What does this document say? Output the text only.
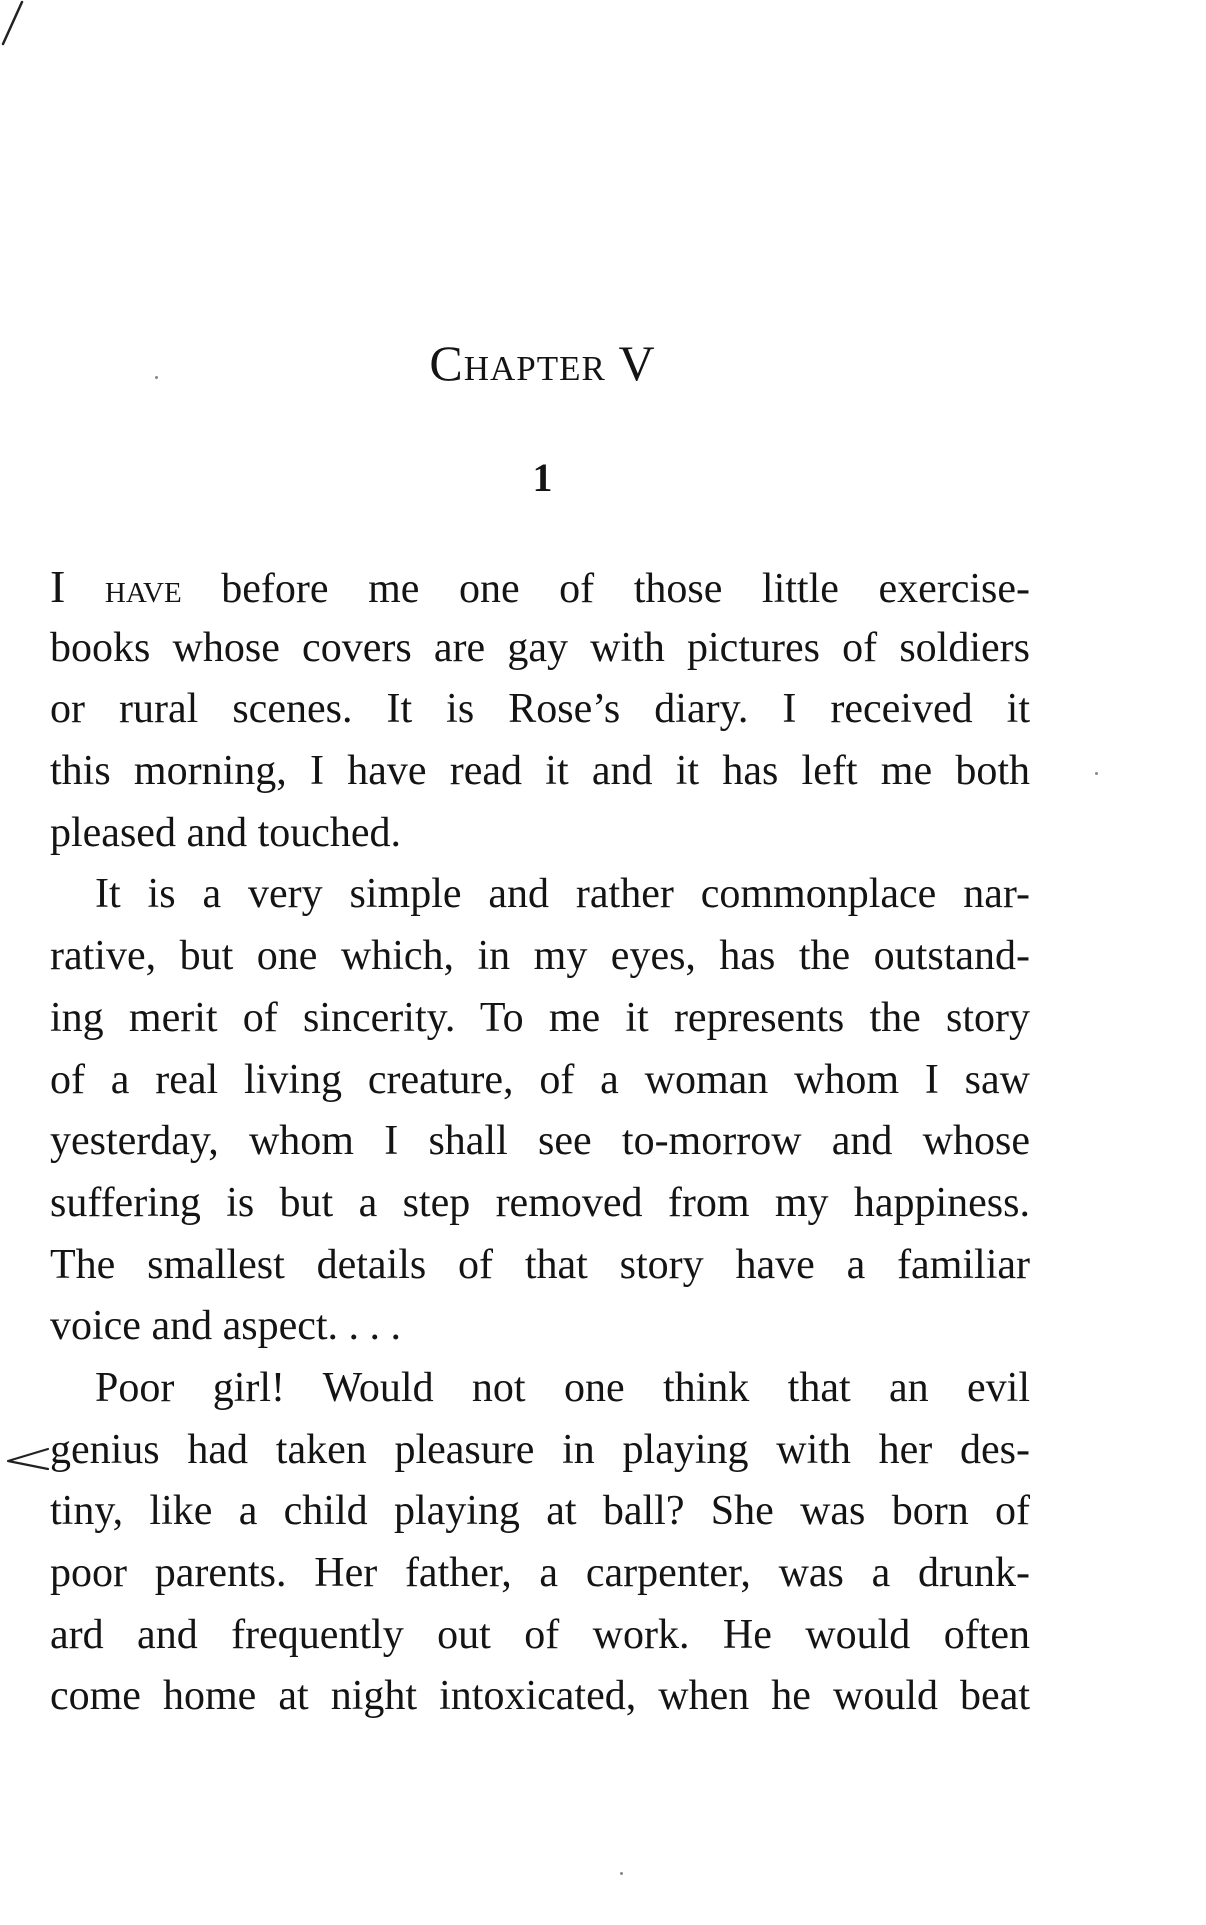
Chapter V
1
I have before me one of those little exercise-
books whose covers are gay with pictures of soldiers
or rural scenes. It is Rose’s diary. I received it
this morning, I have read it and it has left me both
pleased and touched.
It is a very simple and rather commonplace nar-
rative, but one which, in my eyes, has the outstand-
ing merit of sincerity. To me it represents the story
of a real living creature, of a woman whom I saw
yesterday, whom I shall see to-morrow and whose
suffering is but a step removed from my happiness.
The smallest details of that story have a familiar
voice and aspect. . . .
Poor girl! Would not one think that an evil
genius had taken pleasure in playing with her des-
tiny, like a child playing at ball? She was born of
poor parents. Her father, a carpenter, was a drunk-
ard and frequently out of work. He would often
come home at night intoxicated, when he would beat
